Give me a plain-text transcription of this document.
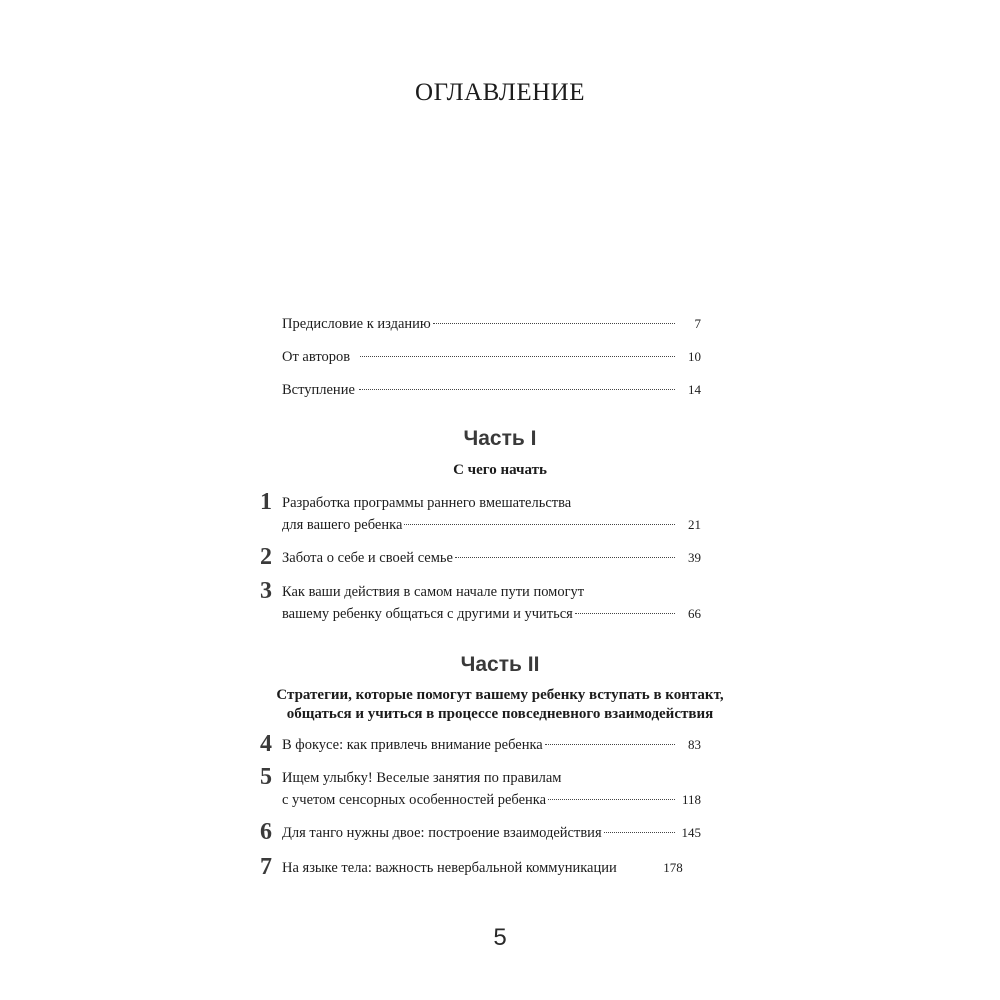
ОГЛАВЛЕНИЕ
Предисловие к изданию	7
От авторов	10
Вступление	14
1 Разработка программы раннего вмешательства
для вашего ребенка	21
2 Забота о себе и своей семье	39
3 Как ваши действия в самом начале пути помогут
вашему ребенку общаться с другими и учиться	66
4 В фокусе: как привлечь внимание ребенка	83
5 Ищем улыбку! Веселые занятия по правилам
с учетом сенсорных особенностей ребенка	118
6 Для танго нужны двое: построение взаимодействия	145
7 На языке тела: важность невербальной коммуникации	178
Часть I
С чего начать
Часть II
Стратегии, которые помогут вашему ребенку вступать в контакт,
общаться и учиться в процессе повседневного взаимодействия
5
